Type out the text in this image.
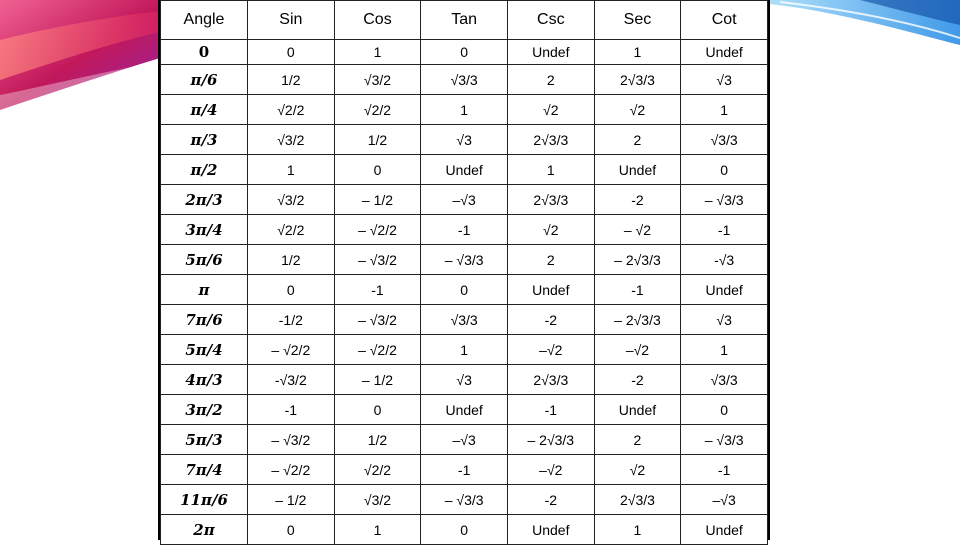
Angle	Sin	Cos	Tan	Csc	Sec	Cot
0	0	1	0	Undef	1	Undef
π/6	1/2	√3/2	√3/3	2	2√3/3	√3
π/4	√2/2	√2/2	1	√2	√2	1
π/3	√3/2	1/2	√3	2√3/3	2	√3/3
π/2	1	0	Undef	1	Undef	0
2π/3	√3/2	– 1/2	–√3	2√3/3	-2	– √3/3
3π/4	√2/2	– √2/2	-1	√2	– √2	-1
5π/6	1/2	– √3/2	– √3/3	2	– 2√3/3	-√3
π	0	-1	0	Undef	-1	Undef
7π/6	-1/2	– √3/2	√3/3	-2	– 2√3/3	√3
5π/4	– √2/2	– √2/2	1	–√2	–√2	1
4π/3	-√3/2	– 1/2	√3	2√3/3	-2	√3/3
3π/2	-1	0	Undef	-1	Undef	0
5π/3	– √3/2	1/2	–√3	– 2√3/3	2	– √3/3
7π/4	– √2/2	√2/2	-1	–√2	√2	-1
11π/6	– 1/2	√3/2	– √3/3	-2	2√3/3	–√3
2π	0	1	0	Undef	1	Undef
